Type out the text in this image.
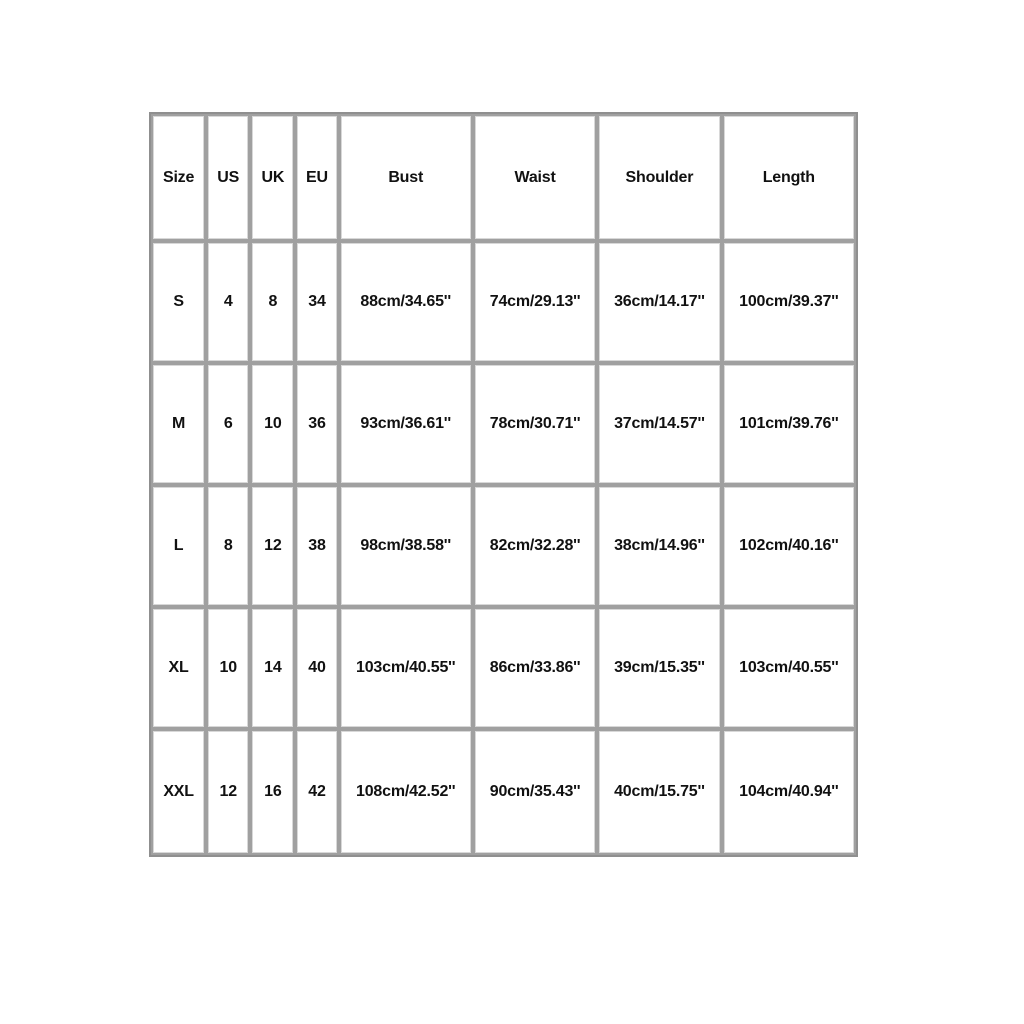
Size	US	UK	EU	Bust	Waist	Shoulder	Length
S	4	8	34	88cm/34.65''	74cm/29.13''	36cm/14.17''	100cm/39.37''
M	6	10	36	93cm/36.61''	78cm/30.71''	37cm/14.57''	101cm/39.76''
L	8	12	38	98cm/38.58''	82cm/32.28''	38cm/14.96''	102cm/40.16''
XL	10	14	40	103cm/40.55''	86cm/33.86''	39cm/15.35''	103cm/40.55''
XXL	12	16	42	108cm/42.52''	90cm/35.43''	40cm/15.75''	104cm/40.94''
